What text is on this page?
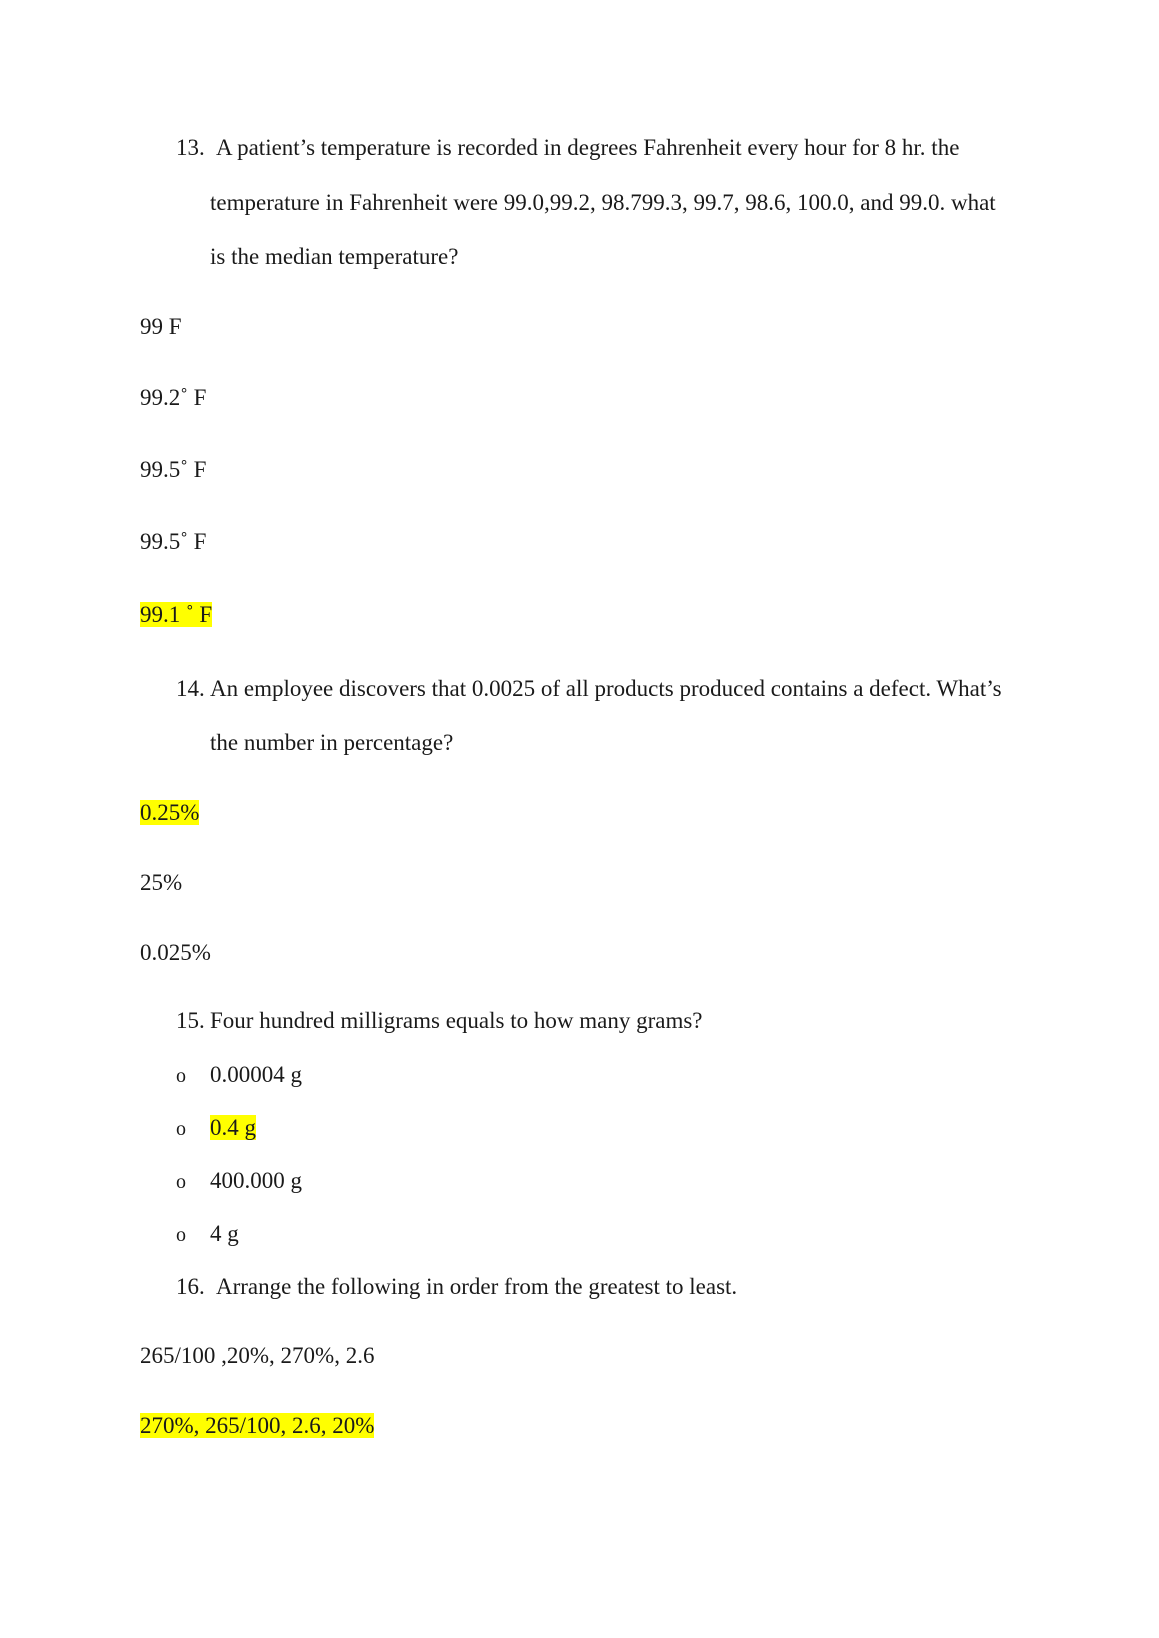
13. A patient’s temperature is recorded in degrees Fahrenheit every hour for 8 hr. the
temperature in Fahrenheit were 99.0,99.2, 98.799.3, 99.7, 98.6, 100.0, and 99.0. what
is the median temperature?
99 F
99.2˚ F
99.5˚ F
99.5˚ F
99.1 ˚ F
14. An employee discovers that 0.0025 of all products produced contains a defect. What’s
the number in percentage?
0.25%
25%
0.025%
15. Four hundred milligrams equals to how many grams?
o 0.00004 g
o 0.4 g
o 400.000 g
o 4 g
16. Arrange the following in order from the greatest to least.
265/100 ,20%, 270%, 2.6
270%, 265/100, 2.6, 20%
